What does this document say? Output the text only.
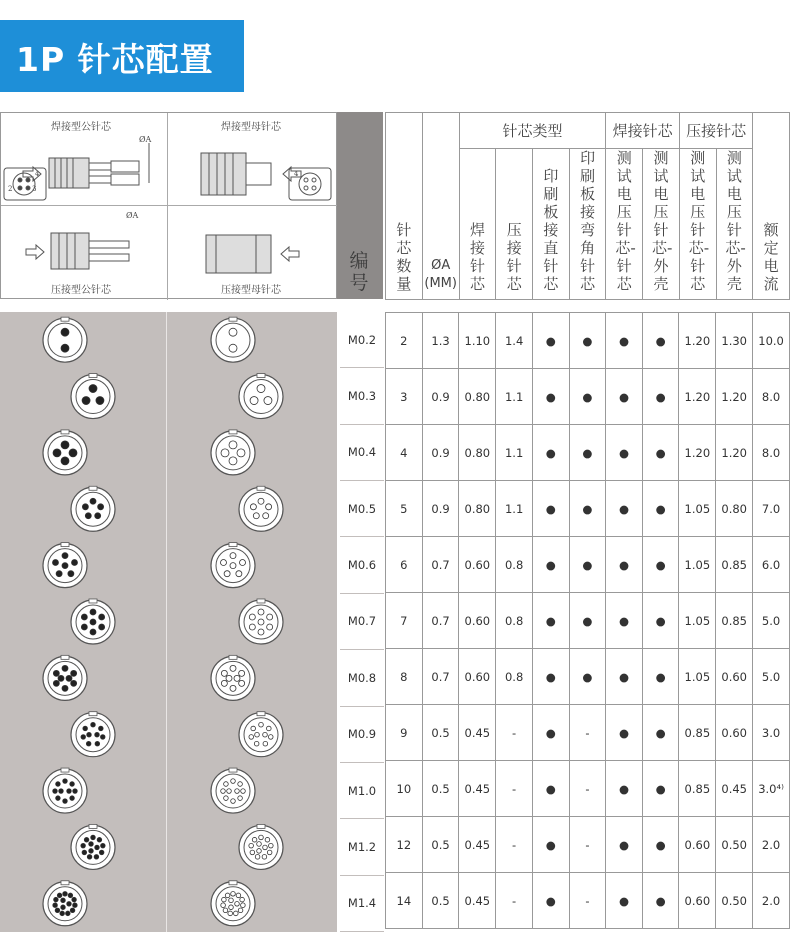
1P 针芯配置
焊接型公针芯	焊接型母针芯
压接型公针芯	压接型母针芯
ØA
ØA
2	3
4	4
编号
针芯数量	ØA(MM)	针芯类型				焊接针芯		压接针芯		额定电流
		焊接针芯	压接针芯	印刷板接直针芯	印刷板接弯角针芯	测试电压针芯-针芯	测试电压针芯-外壳	测试电压针芯-针芯	测试电压针芯-外壳	
M0.2
M0.3
M0.4
M0.5
M0.6
M0.7
M0.8
M0.9
M1.0
M1.2
M1.4
2	1.3	1.10	1.4	●	●	●	●	1.20	1.30	10.0
3	0.9	0.80	1.1	●	●	●	●	1.20	1.20	8.0
4	0.9	0.80	1.1	●	●	●	●	1.20	1.20	8.0
5	0.9	0.80	1.1	●	●	●	●	1.05	0.80	7.0
6	0.7	0.60	0.8	●	●	●	●	1.05	0.85	6.0
7	0.7	0.60	0.8	●	●	●	●	1.05	0.85	5.0
8	0.7	0.60	0.8	●	●	●	●	1.05	0.60	5.0
9	0.5	0.45	-	●	-	●	●	0.85	0.60	3.0
10	0.5	0.45	-	●	-	●	●	0.85	0.45	3.0⁴⁾
12	0.5	0.45	-	●	-	●	●	0.60	0.50	2.0
14	0.5	0.45	-	●	-	●	●	0.60	0.50	2.0
